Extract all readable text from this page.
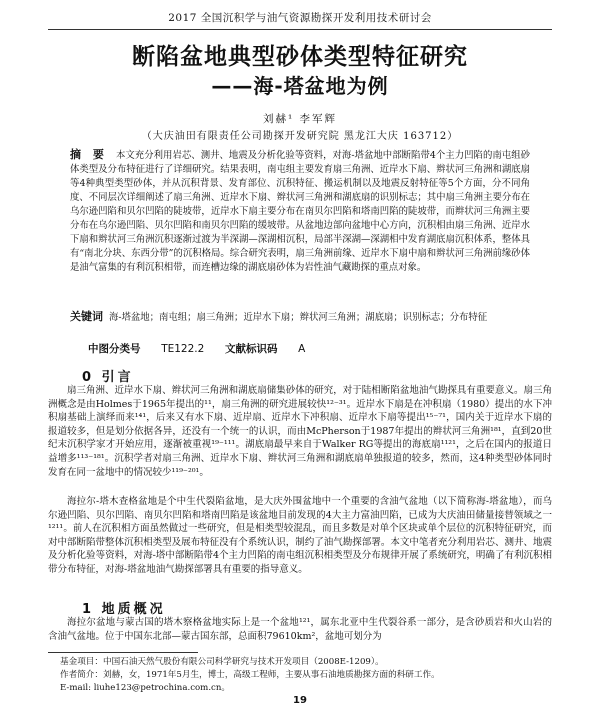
2017 全国沉积学与油气资源勘探开发利用技术研讨会
断陷盆地典型砂体类型特征研究
——海-塔盆地为例
刘赫¹ 李军辉
（大庆油田有限责任公司勘探开发研究院 黑龙江大庆 163712）
摘 要 本文充分利用岩芯、测井、地震及分析化验等资料，对海-塔盆地中部断陷带4个主力凹陷的南屯组砂体类型及分布特征进行了详细研究。结果表明，南屯组主要发育扇三角洲、近岸水下扇、辫状河三角洲和湖底扇等4种典型类型砂体，并从沉积背景、发育部位、沉积特征、搬运机制以及地震反射特征等5个方面，分不同角度、不同层次详细阐述了扇三角洲、近岸水下扇、辫状河三角洲和湖底扇的识别标志；其中扇三角洲主要分布在乌尔逊凹陷和贝尔凹陷的陡坡带，近岸水下扇主要分布在南贝尔凹陷和塔南凹陷的陡坡带，而辫状河三角洲主要分布在乌尔逊凹陷、贝尔凹陷和南贝尔凹陷的缓坡带。从盆地边部向盆地中心方向，沉积相由扇三角洲、近岸水下扇和辫状河三角洲沉积逐渐过渡为半深湖—深湖相沉积，局部半深湖—深湖相中发育湖底扇沉积体系，整体具有“南北分块、东西分带”的沉积格局。综合研究表明，扇三角洲前缘、近岸水下扇中扇和辫状河三角洲前缘砂体是油气富集的有利沉积相带，而连槽边缘的湖底扇砂体为岩性油气藏勘探的重点对象。
关键词 海-塔盆地；南屯组；扇三角洲；近岸水下扇；辫状河三角洲；湖底扇；识别标志；分布特征
中图分类号 TE122.2 文献标识码 A
0 引言
扇三角洲、近岸水下扇、辫状河三角洲和湖底扇储集砂体的研究，对于陆相断陷盆地油气勘探具有重要意义。扇三角洲概念是由Holmes于1965年提出的¹¹，扇三角洲的研究进展较快¹²⁻³¹。近岸水下扇是在冲积扇（1980）提出的水下冲积扇基础上演绎而来¹⁴¹，后来又有水下扇、近岸扇、近岸水下冲积扇、近岸水下扇等提出¹⁵⁻⁷¹，国内关于近岸水下扇的报道较多，但是划分依据各异，还没有一个统一的认识，而由McPherson于1987年提出的辫状河三角洲¹⁸¹，直到20世纪末沉积学家才开始应用，逐渐被重视¹⁹⁻¹¹¹。湖底扇最早来自于Walker RG等提出的海底扇¹¹²¹，之后在国内的报道日益增多¹¹³⁻¹⁸¹。沉积学者对扇三角洲、近岸水下扇、辫状河三角洲和湖底扇单独报道的较多，然而，这4种类型砂体同时发育在同一盆地中的情况较少¹¹⁹⁻²⁰¹。
海拉尔-塔木查格盆地是个中生代裂陷盆地，是大庆外围盆地中一个重要的含油气盆地（以下简称海-塔盆地），而乌尔逊凹陷、贝尔凹陷、南贝尔凹陷和塔南凹陷是该盆地目前发现的4大主力富油凹陷，已成为大庆油田储量接替领域之一¹²¹¹。前人在沉积相方面虽然做过一些研究，但是相类型较混乱，而且多数是对单个区块或单个层位的沉积特征研究，而对中部断陷带整体沉积相类型及展布特征没有个系统认识，制约了油气勘探部署。本文中笔者充分利用岩芯、测井、地震及分析化验等资料，对海-塔中部断陷带4个主力凹陷的南屯组沉积相类型及分布规律开展了系统研究，明确了有利沉积相带分布特征，对海-塔盆地油气勘探部署具有重要的指导意义。
1 地质概况
海拉尔盆地与蒙古国的塔木察格盆地实际上是一个盆地¹²¹，属东北亚中生代裂谷系一部分，是含砂质岩和火山岩的含油气盆地。位于中国东北部—蒙古国东部，总面积79610km²，盆地可划分为
基金项目：中国石油天然气股份有限公司科学研究与技术开发项目（2008E-1209）。
作者简介：刘赫，女，1971年5月生，博士，高级工程师，主要从事石油地质勘探方面的科研工作。
E-mail: liuhe123@petrochina.com.cn。
19
